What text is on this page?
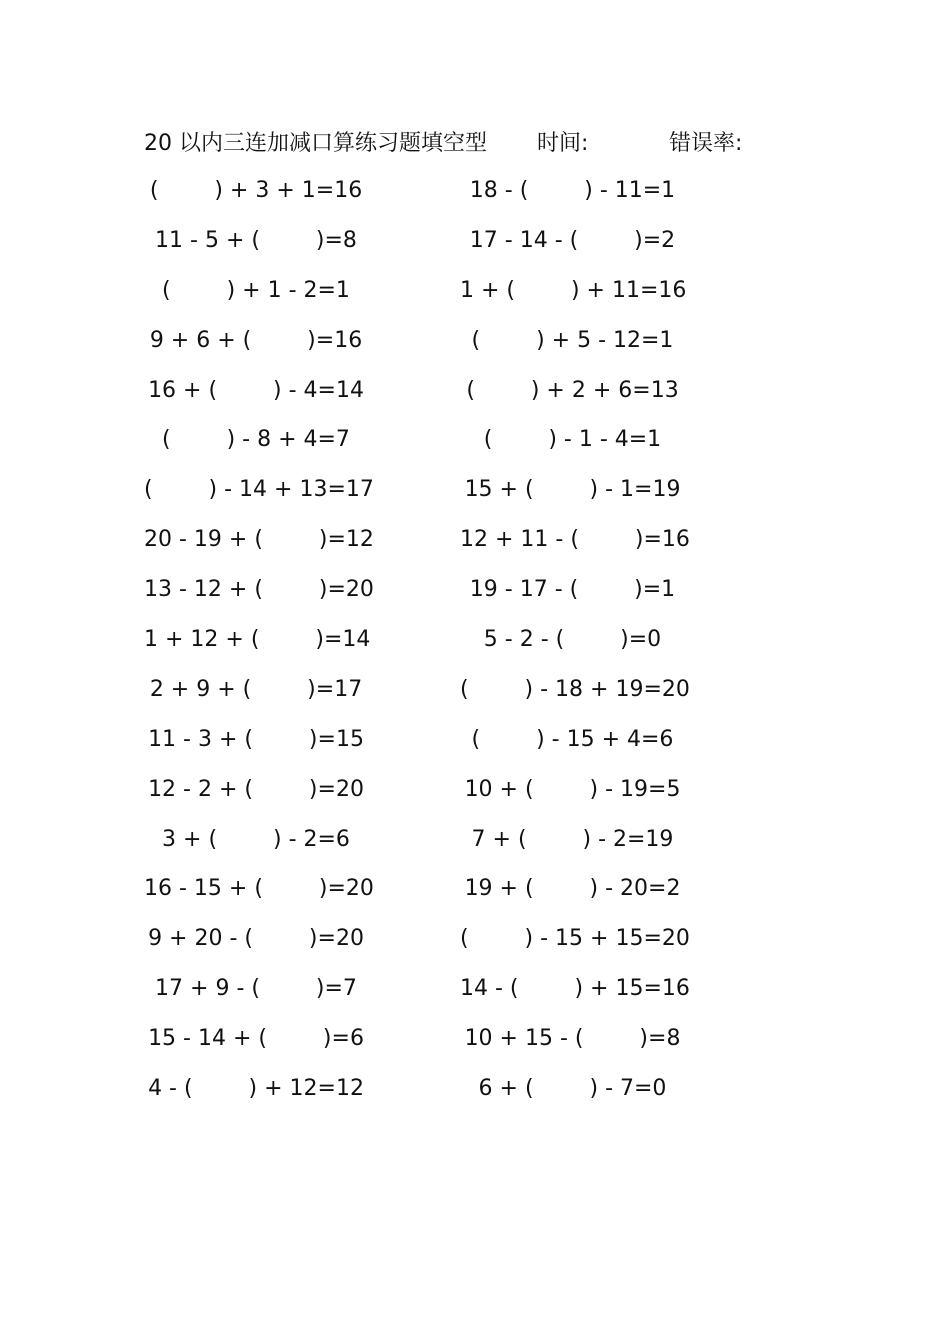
20 以内三连加减口算练习题填空型 时间:	错误率:
(        ) + 3 + 1=16
11 - 5 + (        )=8
(        ) + 1 - 2=1
9 + 6 + (        )=16
16 + (        ) - 4=14
(        ) - 8 + 4=7
(        ) - 14 + 13=17
20 - 19 + (        )=12
13 - 12 + (        )=20
1 + 12 + (        )=14
2 + 9 + (        )=17
11 - 3 + (        )=15
12 - 2 + (        )=20
3 + (        ) - 2=6
16 - 15 + (        )=20
9 + 20 - (        )=20
17 + 9 - (        )=7
15 - 14 + (        )=6
4 - (        ) + 12=12
18 - (        ) - 11=1
17 - 14 - (        )=2
1 + (        ) + 11=16
(        ) + 5 - 12=1
(        ) + 2 + 6=13
(        ) - 1 - 4=1
15 + (        ) - 1=19
12 + 11 - (        )=16
19 - 17 - (        )=1
5 - 2 - (        )=0
(        ) - 18 + 19=20
(        ) - 15 + 4=6
10 + (        ) - 19=5
7 + (        ) - 2=19
19 + (        ) - 20=2
(        ) - 15 + 15=20
14 - (        ) + 15=16
10 + 15 - (        )=8
6 + (        ) - 7=0
